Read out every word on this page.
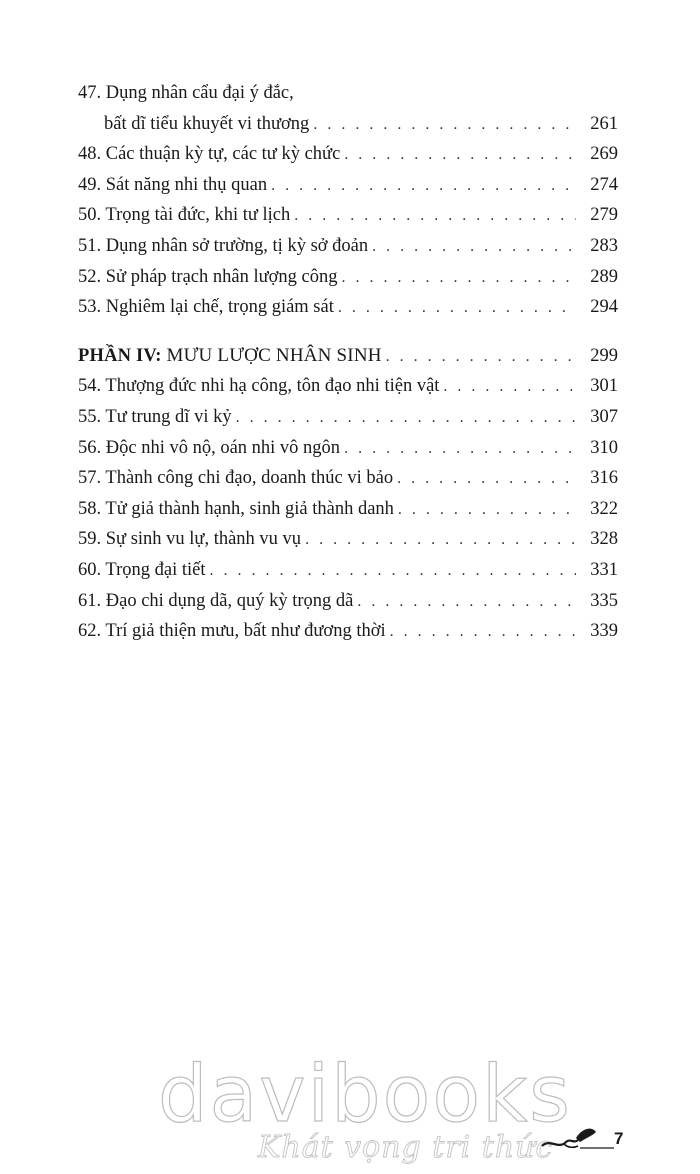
47. Dụng nhân cẩu đại ý đắc,
bất dĩ tiểu khuyết vi thương . . .	261
48. Các thuận kỳ tự, các tư kỳ chức . . .	269
49. Sát năng nhi thụ quan . . .	274
50. Trọng tài đức, khi tư lịch . . .	279
51. Dụng nhân sở trường, tị kỳ sở đoản . . .	283
52. Sử pháp trạch nhân lượng công . . .	289
53. Nghiêm lại chế, trọng giám sát . . .	294
PHẦN IV: MƯU LƯỢC NHÂN SINH . . .	299
54. Thượng đức nhi hạ công, tôn đạo nhi tiện vật . . .	301
55. Tư trung dĩ vi kỷ . . .	307
56. Độc nhi vô nộ, oán nhi vô ngôn . . .	310
57. Thành công chi đạo, doanh thúc vi bảo . . .	316
58. Tử giả thành hạnh, sinh giả thành danh . . .	322
59. Sự sinh vu lự, thành vu vụ . . .	328
60. Trọng đại tiết . . .	331
61. Đạo chi dụng dã, quý kỳ trọng dã . . .	335
62. Trí giả thiện mưu, bất như đương thời . . .	339
davibooks
Khát vọng tri thức	7
